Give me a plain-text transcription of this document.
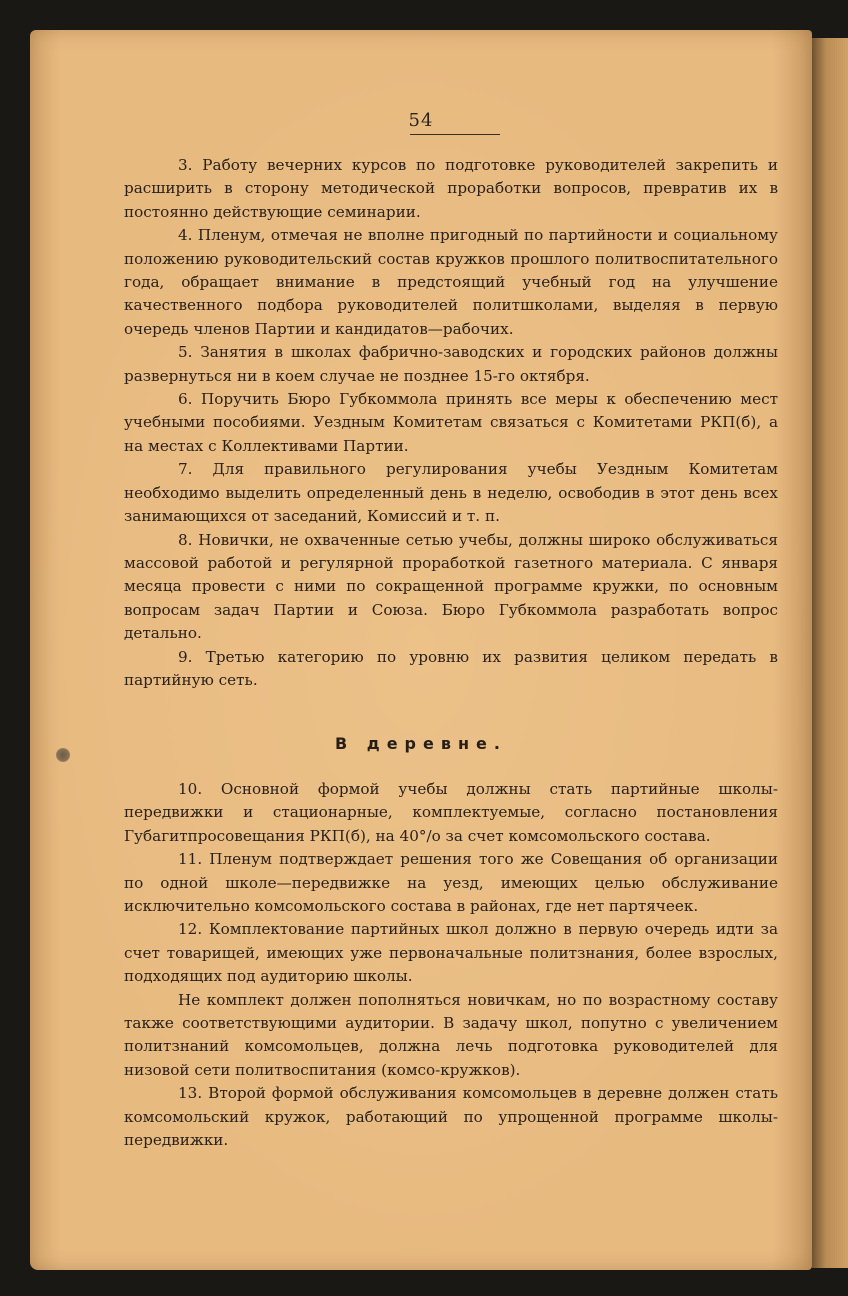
54

3. Работу вечерних курсов по подготовке руководителей закрепить и расширить в сторону методической проработки вопросов, превратив их в постоянно действующие семинарии.

4. Пленум, отмечая не вполне пригодный по партийности и социальному положению руководительский состав кружков прошлого политвоспитательного года, обращает внимание в предстоящий учебный год на улучшение качественного подбора руководителей политшколами, выделяя в первую очередь членов Партии и кандидатов—рабочих.

5. Занятия в школах фабрично-заводских и городских районов должны развернуться ни в коем случае не позднее 15-го октября.

6. Поручить Бюро Губкоммола принять все меры к обеспечению мест учебными пособиями. Уездным Комитетам связаться с Комитетами РКП(б), а на местах с Коллективами Партии.

7. Для правильного регулирования учебы Уездным Комитетам необходимо выделить определенный день в неделю, освободив в этот день всех занимающихся от заседаний, Комиссий и т. п.

8. Новички, не охваченные сетью учебы, должны широко обслуживаться массовой работой и регулярной проработкой газетного материала. С января месяца провести с ними по сокращенной программе кружки, по основным вопросам задач Партии и Союза. Бюро Губкоммола разработать вопрос детально.

9. Третью категорию по уровню их развития целиком передать в партийную сеть.

В деревне.

10. Основной формой учебы должны стать партийные школы-передвижки и стационарные, комплектуемые, согласно постановления Губагитпросовещания РКП(б), на 40°/о за счет комсомольского состава.

11. Пленум подтверждает решения того же Совещания об организации по одной школе—передвижке на уезд, имеющих целью обслуживание исключительно комсомольского состава в районах, где нет партячеек.

12. Комплектование партийных школ должно в первую очередь идти за счет товарищей, имеющих уже первоначальные политзнания, более взрослых, подходящих под аудиторию школы.

Не комплект должен пополняться новичкам, но по возрастному составу также соответствующими аудитории. В задачу школ, попутно с увеличением политзнаний комсомольцев, должна лечь подготовка руководителей для низовой сети политвоспитания (комсо-кружков).

13. Второй формой обслуживания комсомольцев в деревне должен стать комсомольский кружок, работающий по упрощенной программе школы-передвижки.
